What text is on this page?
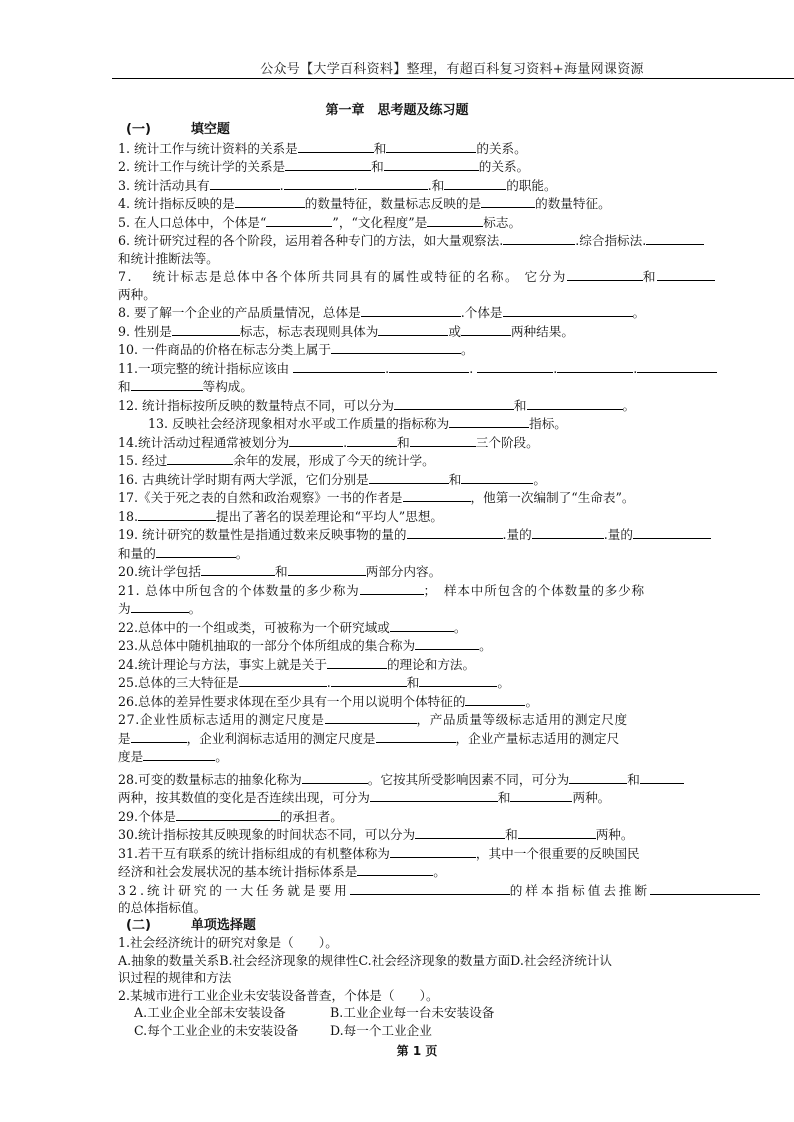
公众号【大学百科资料】整理，有超百科复习资料+海量网课资源
第一章　思考题及练习题
(一)	填空题
1. 统计工作与统计资料的关系是	和	的关系。
2. 统计工作与统计学的关系是	和	的关系。
3. 统计活动具有	.	.	.和	的职能。
4. 统计指标反映的是	的数量特征，数量标志反映的是	的数量特征。
5. 在人口总体中，个体是“	”，“文化程度”是	标志。
6. 统计研究过程的各个阶段，运用着各种专门的方法，如大量观察法.	.综合指标法.
和统计推断法等。
7.　 统计标志是总体中各个体所共同具有的属性或特征的名称。 它分为	和
两种。
8. 要了解一个企业的产品质量情况，总体是	.个体是	。
9. 性别是	标志，标志表现则具体为	或	两种结果。
10. 一件商品的价格在标志分类上属于	。
11.一项完整的统计指标应该由	.	.	.	.
和	等构成。
12. 统计指标按所反映的数量特点不同，可以分为	和	。
13. 反映社会经济现象相对水平或工作质量的指标称为	指标。
14.统计活动过程通常被划分为	.	和	三个阶段。
15. 经过	余年的发展，形成了今天的统计学。
16. 古典统计学时期有两大学派，它们分别是	和	。
17.《关于死之表的自然和政治观察》一书的作者是	，他第一次编制了“生命表”。
18.	提出了著名的误差理论和“平均人”思想。
19. 统计研究的数量性是指通过数来反映事物的量的	.量的	.量的
和量的	。
20.统计学包括	和	两部分内容。
21. 总体中所包含的个体数量的多少称为	；　样本中所包含的个体数量的多少称
为	。
22.总体中的一个组或类，可被称为一个研究域或	。
23.从总体中随机抽取的一部分个体所组成的集合称为	。
24.统计理论与方法，事实上就是关于	的理论和方法。
25.总体的三大特征是	.	和	。
26.总体的差异性要求体现在至少具有一个用以说明个体特征的	。
27.企业性质标志适用的测定尺度是	，产品质量等级标志适用的测定尺度
是	，企业利润标志适用的测定尺度是	，企业产量标志适用的测定尺
度是	。
28.可变的数量标志的抽象化称为	。它按其所受影响因素不同，可分为	和
两种，按其数值的变化是否连续出现，可分为	和	两种。
29.个体是	的承担者。
30.统计指标按其反映现象的时间状态不同，可以分为	和	两种。
31.若干互有联系的统计指标组成的有机整体称为	，其中一个很重要的反映国民
经济和社会发展状况的基本统计指标体系是	。
32.统计研究的一大任务就是要用	的样本指标值去推断
的总体指标值。
(二)	单项选择题
1.社会经济统计的研究对象是（　　）。
A.抽象的数量关系B.社会经济现象的规律性C.社会经济现象的数量方面D.社会经济统计认
识过程的规律和方法
2.某城市进行工业企业未安装设备普查，个体是（　　）。
A.工业企业全部未安装设备	B.工业企业每一台未安装设备
C.每个工业企业的未安装设备	D.每一个工业企业
第 1 页
